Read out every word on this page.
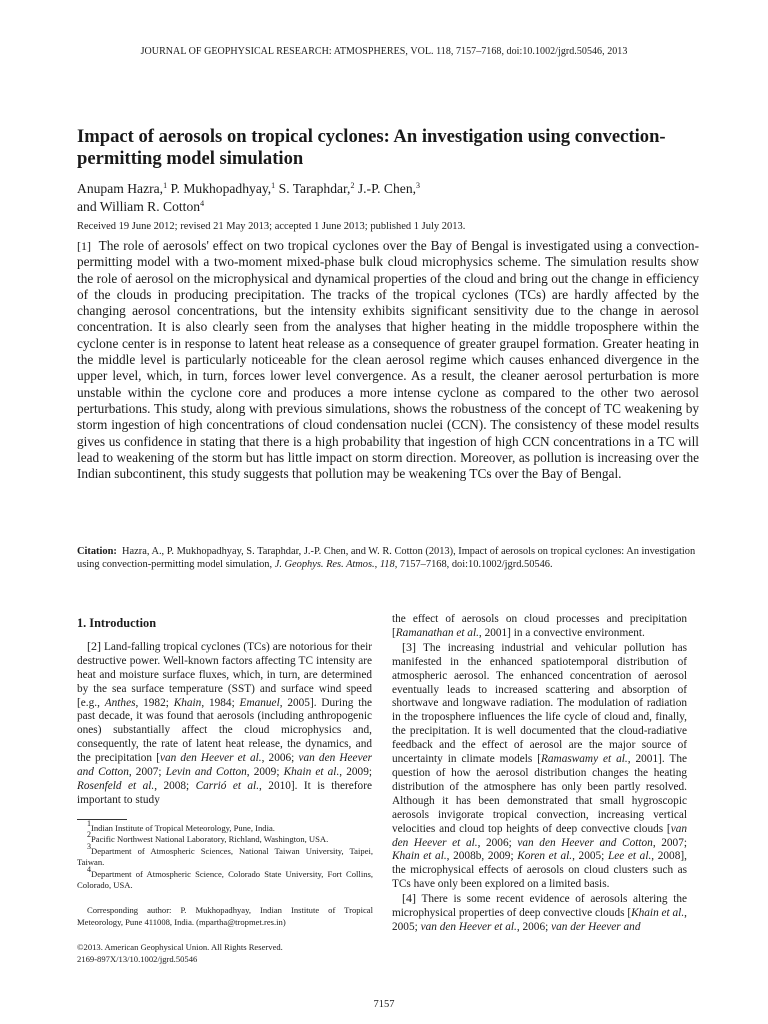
JOURNAL OF GEOPHYSICAL RESEARCH: ATMOSPHERES, VOL. 118, 7157–7168, doi:10.1002/jgrd.50546, 2013
Impact of aerosols on tropical cyclones: An investigation using convection-permitting model simulation
Anupam Hazra,$^1$ P. Mukhopadhyay,$^1$ S. Taraphdar,$^2$ J.-P. Chen,$^3$
and William R. Cotton$^4$
Received 19 June 2012; revised 21 May 2013; accepted 1 June 2013; published 1 July 2013.

[1] The role of aerosols' effect on two tropical cyclones over the Bay of Bengal is investigated using a convection-permitting model with a two-moment mixed-phase bulk cloud microphysics scheme. The simulation results show the role of aerosol on the microphysical and dynamical properties of the cloud and bring out the change in efficiency of the clouds in producing precipitation. The tracks of the tropical cyclones (TCs) are hardly affected by the changing aerosol concentrations, but the intensity exhibits significant sensitivity due to the change in aerosol concentration. It is also clearly seen from the analyses that higher heating in the middle troposphere within the cyclone center is in response to latent heat release as a consequence of greater graupel formation. Greater heating in the middle level is particularly noticeable for the clean aerosol regime which causes enhanced divergence in the upper level, which, in turn, forces lower level convergence. As a result, the cleaner aerosol perturbation is more unstable within the cyclone core and produces a more intense cyclone as compared to the other two aerosol perturbations. This study, along with previous simulations, shows the robustness of the concept of TC weakening by storm ingestion of high concentrations of cloud condensation nuclei (CCN). The consistency of these model results gives us confidence in stating that there is a high probability that ingestion of high CCN concentrations in a TC will lead to weakening of the storm but has little impact on storm direction. Moreover, as pollution is increasing over the Indian subcontinent, this study suggests that pollution may be weakening TCs over the Bay of Bengal.

Citation: Hazra, A., P. Mukhopadhyay, S. Taraphdar, J.-P. Chen, and W. R. Cotton (2013), Impact of aerosols on tropical cyclones: An investigation using convection-permitting model simulation, J. Geophys. Res. Atmos., 118, 7157–7168, doi:10.1002/jgrd.50546.

1. Introduction

[2] Land-falling tropical cyclones (TCs) are notorious for their destructive power. Well-known factors affecting TC intensity are heat and moisture surface fluxes, which, in turn, are determined by the sea surface temperature (SST) and surface wind speed [e.g., Anthes, 1982; Khain, 1984; Emanuel, 2005]. During the past decade, it was found that aerosols (including anthropogenic ones) substantially affect the cloud microphysics and, consequently, the rate of latent heat release, the dynamics, and the precipitation [van den Heever et al., 2006; van den Heever and Cotton, 2007; Levin and Cotton, 2009; Khain et al., 2009; Rosenfeld et al., 2008; Carrió et al., 2010]. It is therefore important to study

$^1$Indian Institute of Tropical Meteorology, Pune, India.

$^2$Pacific Northwest National Laboratory, Richland, Washington, USA.

$^3$Department of Atmospheric Sciences, National Taiwan University, Taipei, Taiwan.

$^4$Department of Atmospheric Science, Colorado State University, Fort Collins, Colorado, USA.

Corresponding author: P. Mukhopadhyay, Indian Institute of Tropical Meteorology, Pune 411008, India. (mpartha@tropmet.res.in)

©2013. American Geophysical Union. All Rights Reserved.

2169-897X/13/10.1002/jgrd.50546

the effect of aerosols on cloud processes and precipitation [Ramanathan et al., 2001] in a convective environment.

[3] The increasing industrial and vehicular pollution has manifested in the enhanced spatiotemporal distribution of atmospheric aerosol. The enhanced concentration of aerosol eventually leads to increased scattering and absorption of shortwave and longwave radiation. The modulation of radiation in the troposphere influences the life cycle of cloud and, finally, the precipitation. It is well documented that the cloud-radiative feedback and the effect of aerosol are the major source of uncertainty in climate models [Ramaswamy et al., 2001]. The question of how the aerosol distribution changes the heating distribution of the atmosphere has only been partly resolved. Although it has been demonstrated that small hygroscopic aerosols invigorate tropical convection, increasing vertical velocities and cloud top heights of deep convective clouds [van den Heever et al., 2006; van den Heever and Cotton, 2007; Khain et al., 2008b, 2009; Koren et al., 2005; Lee et al., 2008], the microphysical effects of aerosols on cloud clusters such as TCs have only been explored on a limited basis.

[4] There is some recent evidence of aerosols altering the microphysical properties of deep convective clouds [Khain et al., 2005; van den Heever et al., 2006; van der Heever and

7157
